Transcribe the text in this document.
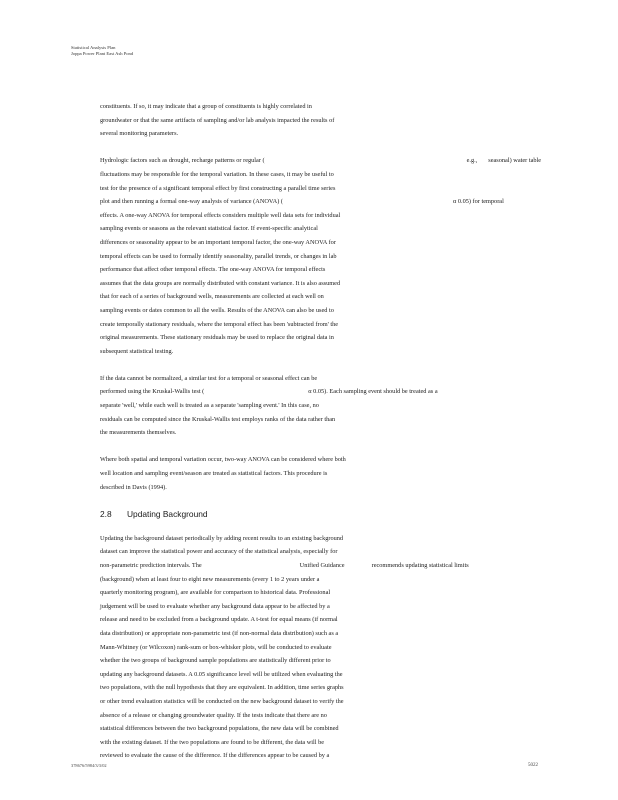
Statistical Analysis Plan
Joppa Power Plant East Ash Pond
constituents. If so, it may indicate that a group of constituents is highly correlated in
groundwater or that the same artifacts of sampling and/or lab analysis impacted the results of
several monitoring parameters.
Hydrologic factors such as drought, recharge patterns or regular (	e.g., seasonal) water table
fluctuations may be responsible for the temporal variation. In these cases, it may be useful to
test for the presence of a significant temporal effect by first constructing a parallel time series
plot and then running a formal one-way analysis of variance (ANOVA) (	α 0.05) for temporal
effects. A one-way ANOVA for temporal effects considers multiple well data sets for individual
sampling events or seasons as the relevant statistical factor. If event-specific analytical
differences or seasonality appear to be an important temporal factor, the one-way ANOVA for
temporal effects can be used to formally identify seasonality, parallel trends, or changes in lab
performance that affect other temporal effects. The one-way ANOVA for temporal effects
assumes that the data groups are normally distributed with constant variance. It is also assumed
that for each of a series of background wells, measurements are collected at each well on
sampling events or dates common to all the wells. Results of the ANOVA can also be used to
create temporally stationary residuals, where the temporal effect has been 'subtracted from' the
original measurements. These stationary residuals may be used to replace the original data in
subsequent statistical testing.
If the data cannot be normalized, a similar test for a temporal or seasonal effect can be
performed using the Kruskal-Wallis test (	α 0.05). Each sampling event should be treated as a
separate 'well,' while each well is treated as a separate 'sampling event.' In this case, no
residuals can be computed since the Kruskal-Wallis test employs ranks of the data rather than
the measurements themselves.
Where both spatial and temporal variation occur, two-way ANOVA can be considered where both
well location and sampling event/season are treated as statistical factors. This procedure is
described in Davis (1994).
2.8 Updating Background
Updating the background dataset periodically by adding recent results to an existing background
dataset can improve the statistical power and accuracy of the statistical analysis, especially for
non-parametric prediction intervals. The	Unified Guidance	recommends updating statistical limits
(background) when at least four to eight new measurements (every 1 to 2 years under a
quarterly monitoring program), are available for comparison to historical data. Professional
judgement will be used to evaluate whether any background data appear to be affected by a
release and need to be excluded from a background update. A t-test for equal means (if normal
data distribution) or appropriate non-parametric test (if non-normal data distribution) such as a
Mann-Whitney (or Wilcoxon) rank-sum or box-whisker plots, will be conducted to evaluate
whether the two groups of background sample populations are statistically different prior to
updating any background datasets. A 0.05 significance level will be utilized when evaluating the
two populations, with the null hypothesis that they are equivalent. In addition, time series graphs
or other trend evaluation statistics will be conducted on the new background dataset to verify the
absence of a release or changing groundwater quality. If the tests indicate that there are no
statistical differences between the two background populations, the new data will be combined
with the existing dataset. If the two populations are found to be different, the data will be
reviewed to evaluate the cause of the difference. If the differences appear to be caused by a
378676/5984/3/3/02	5022
